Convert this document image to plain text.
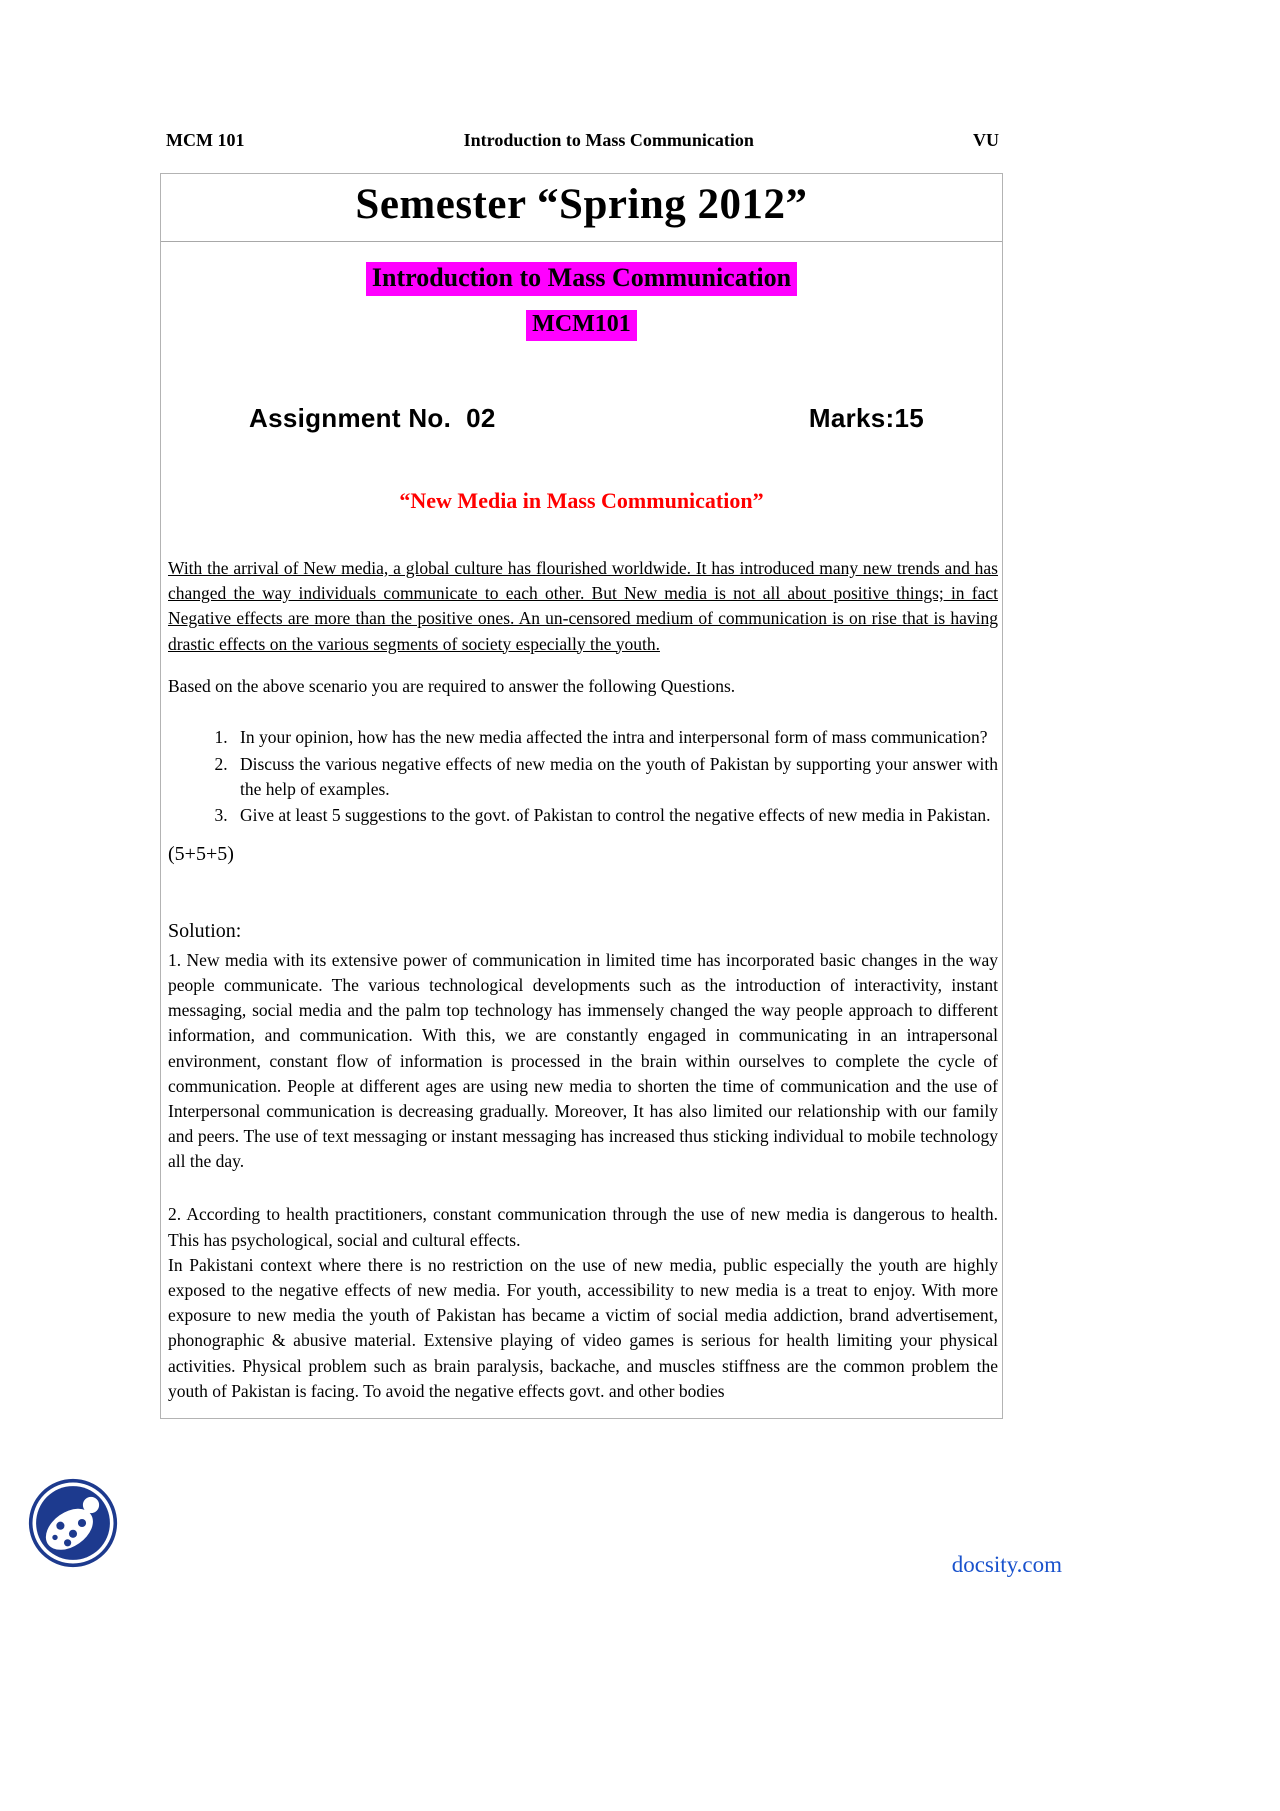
MCM 101	Introduction to Mass Communication	VU
Semester “Spring 2012”
Introduction to Mass Communication
MCM101
Assignment No.  02	Marks:15
“New Media in Mass Communication”

With the arrival of New media, a global culture has flourished worldwide. It has introduced many new trends and has changed the way individuals communicate to each other. But New media is not all about positive things; in fact Negative effects are more than the positive ones. An un-censored medium of communication is on rise that is having drastic effects on the various segments of society especially the youth.

Based on the above scenario you are required to answer the following Questions.

1. In your opinion, how has the new media affected the intra and interpersonal form of mass communication?
2. Discuss the various negative effects of new media on the youth of Pakistan by supporting your answer with the help of examples.
3. Give at least 5 suggestions to the govt. of Pakistan to control the negative effects of new media in Pakistan.
(5+5+5)
Solution:

1. New media with its extensive power of communication in limited time has incorporated basic changes in the way people communicate. The various technological developments such as the introduction of interactivity, instant messaging, social media and the palm top technology has immensely changed the way people approach to different information, and communication. With this, we are constantly engaged in communicating in an intrapersonal environment, constant flow of information is processed in the brain within ourselves to complete the cycle of communication. People at different ages are using new media to shorten the time of communication and the use of Interpersonal communication is decreasing gradually. Moreover, It has also limited our relationship with our family and peers. The use of text messaging or instant messaging has increased thus sticking individual to mobile technology all the day.

2. According to health practitioners, constant communication through the use of new media is dangerous to health. This has psychological, social and cultural effects.

In Pakistani context where there is no restriction on the use of new media, public especially the youth are highly exposed to the negative effects of new media. For youth, accessibility to new media is a treat to enjoy. With more exposure to new media the youth of Pakistan has became a victim of social media addiction, brand advertisement, phonographic & abusive material. Extensive playing of video games is serious for health limiting your physical activities. Physical problem such as brain paralysis, backache, and muscles stiffness are the common problem the youth of Pakistan is facing. To avoid the negative effects govt. and other bodies

docsity.com
